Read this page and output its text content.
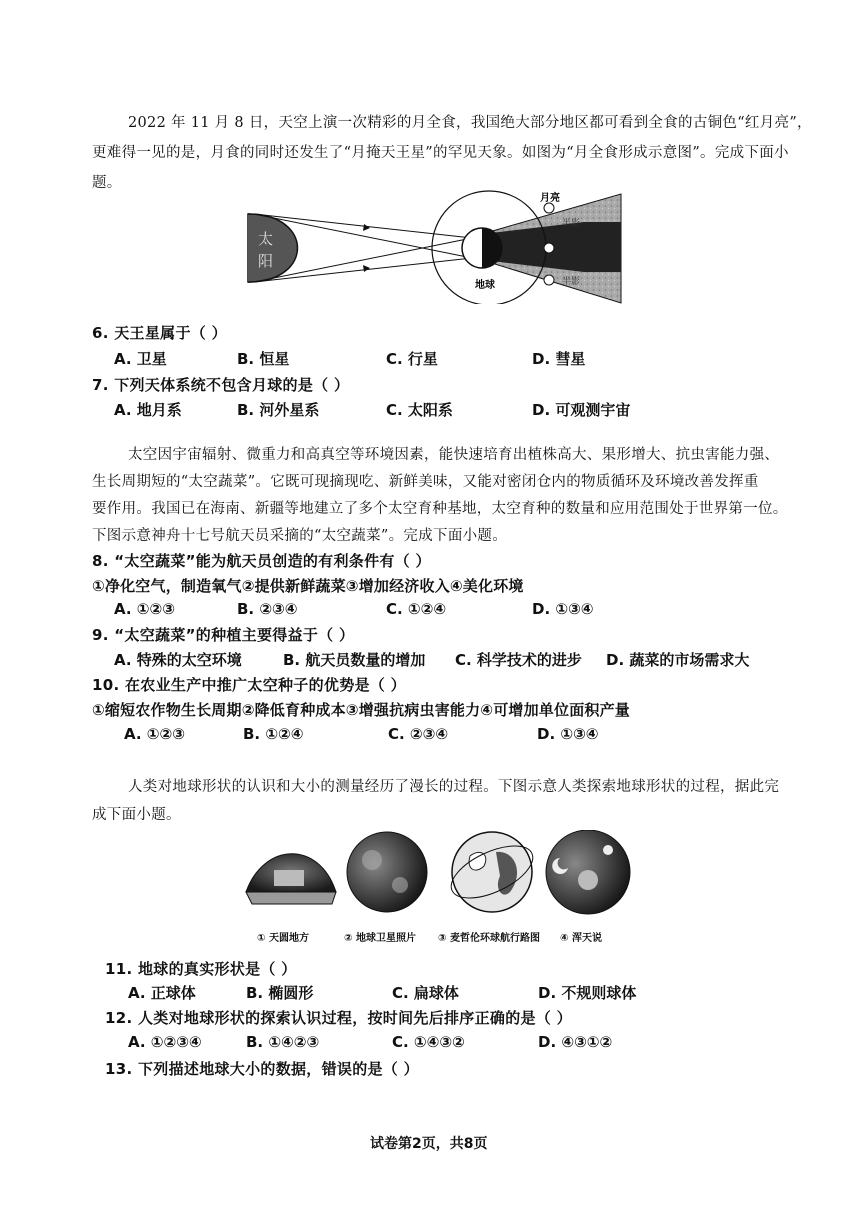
2022 年 11 月 8 日，天空上演一次精彩的月全食，我国绝大部分地区都可看到全食的古铜色“红月亮”，
更难得一见的是，月食的同时还发生了“月掩天王星”的罕见天象。如图为“月全食形成示意图”。完成下面小
题。
太
阳
地球
月亮
半影
半影
6. 天王星属于（ ）
A. 卫星	B. 恒星	C. 行星	D. 彗星
7. 下列天体系统不包含月球的是（ ）
A. 地月系	B. 河外星系	C. 太阳系	D. 可观测宇宙
太空因宇宙辐射、微重力和高真空等环境因素，能快速培育出植株高大、果形增大、抗虫害能力强、
生长周期短的“太空蔬菜”。它既可现摘现吃、新鲜美味，又能对密闭仓内的物质循环及环境改善发挥重
要作用。我国已在海南、新疆等地建立了多个太空育种基地，太空育种的数量和应用范围处于世界第一位。
下图示意神舟十七号航天员采摘的“太空蔬菜”。完成下面小题。
8. “太空蔬菜”能为航天员创造的有利条件有（ ）
①净化空气，制造氧气②提供新鲜蔬菜③增加经济收入④美化环境
A. ①②③	B. ②③④	C. ①②④	D. ①③④
9. “太空蔬菜”的种植主要得益于（ ）
A. 特殊的太空环境	B. 航天员数量的增加 C. 科学技术的进步 D. 蔬菜的市场需求大
10. 在农业生产中推广太空种子的优势是（ ）
①缩短农作物生长周期②降低育种成本③增强抗病虫害能力④可增加单位面积产量
A. ①②③	B. ①②④	C. ②③④	D. ①③④
人类对地球形状的认识和大小的测量经历了漫长的过程。下图示意人类探索地球形状的过程，据此完
成下面小题。
① 天圆地方	② 地球卫星照片 ③ 麦哲伦环球航行路图 ④ 浑天说
11. 地球的真实形状是（ ）
A. 正球体	B. 椭圆形	C. 扁球体	D. 不规则球体
12. 人类对地球形状的探索认识过程，按时间先后排序正确的是（ ）
A. ①②③④	B. ①④②③	C. ①④③②	D. ④③①②
13. 下列描述地球大小的数据，错误的是（ ）
试卷第2页，共8页
